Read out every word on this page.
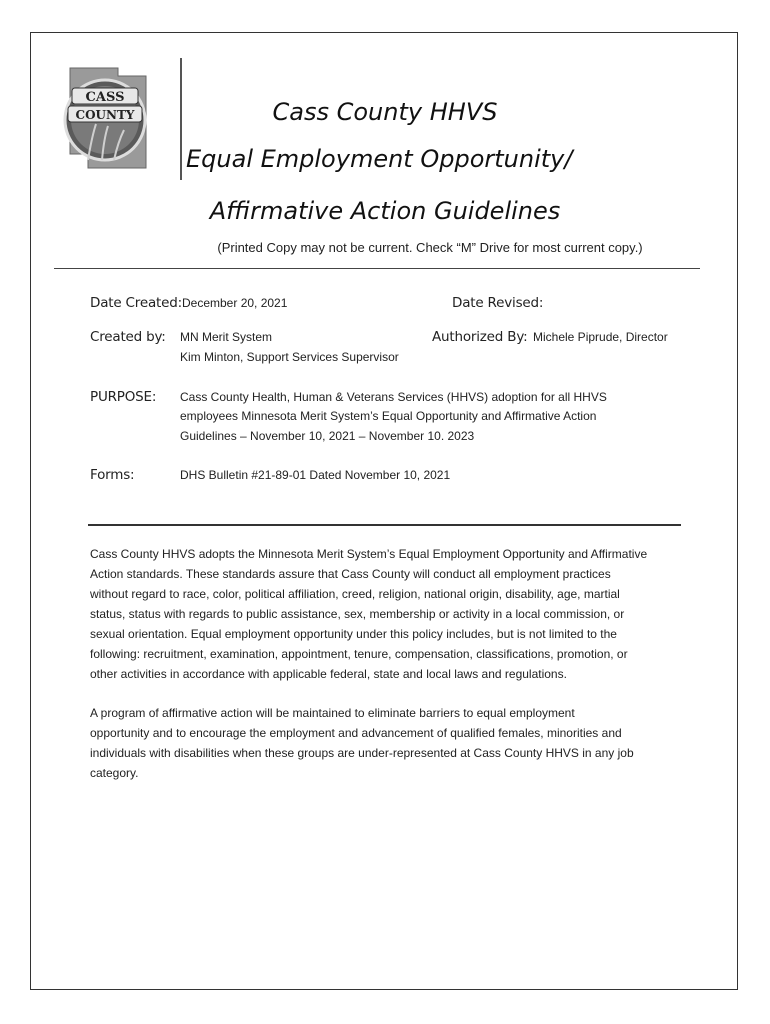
CASS
COUNTY	Cass County HHVS
Equal Employment Opportunity/
Affirmative Action Guidelines
(Printed Copy may not be current. Check “M” Drive for most current copy.)
Date Created: December 20, 2021	Date Revised:
Created by: MN Merit System
Kim Minton, Support Services Supervisor
Authorized By: Michele Piprude, Director
PURPOSE: Cass County Health, Human & Veterans Services (HHVS) adoption for all HHVS
employees Minnesota Merit System’s Equal Opportunity and Affirmative Action
Guidelines – November 10, 2021 – November 10. 2023
Forms:	DHS Bulletin #21-89-01 Dated November 10, 2021
Cass County HHVS adopts the Minnesota Merit System’s Equal Employment Opportunity and Affirmative
Action standards. These standards assure that Cass County will conduct all employment practices
without regard to race, color, political affiliation, creed, religion, national origin, disability, age, martial
status, status with regards to public assistance, sex, membership or activity in a local commission, or
sexual orientation. Equal employment opportunity under this policy includes, but is not limited to the
following: recruitment, examination, appointment, tenure, compensation, classifications, promotion, or
other activities in accordance with applicable federal, state and local laws and regulations.
A program of affirmative action will be maintained to eliminate barriers to equal employment
opportunity and to encourage the employment and advancement of qualified females, minorities and
individuals with disabilities when these groups are under-represented at Cass County HHVS in any job
category.
